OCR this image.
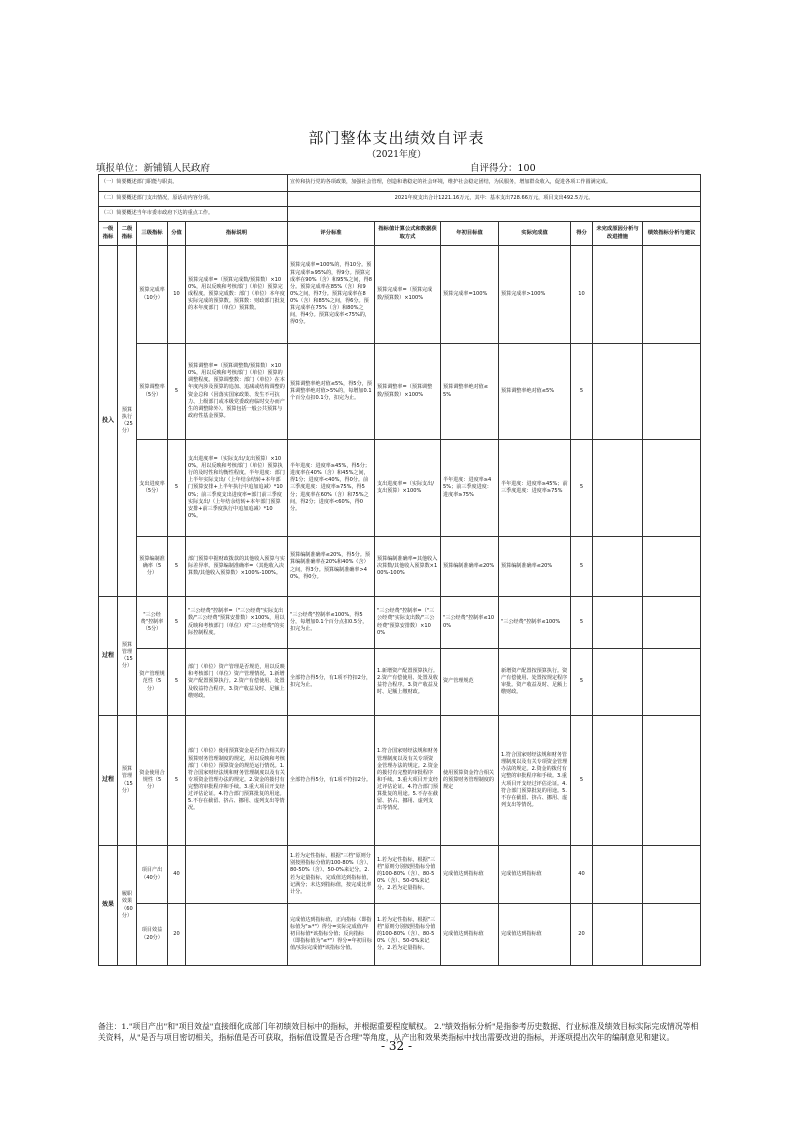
部门整体支出绩效自评表
（2021年度）
填报单位：新铺镇人民政府	自评得分：100
（一）简要概述部门职能与职责。					宣传和执行党的各项政策，加强社会管理，创造和谐稳定的社会环境，维护社会稳定团结，为民服务，增加群众收入，促进各项工作圆满完成。						
（二）简要概述部门支出情况，原话动内容分项。					2021年度支出合计1221.16万元，其中：基本支出728.66万元，项目支出492.5万元。						
（三）简要概述当年市委市政府下达的重点工作。											
一级指标	二级指标	三级指标	分值	指标说明	评分标准	指标值计算公式和数据获取方式	年初目标值	实际完成值	得分	未完成原因分析与改进措施	绩效指标分析与建议
投入	预算执行（25分）	预算完成率（10分）	10	预算完成率=（预算完成数/预算数）×100%，用以反映和考核部门（单位）预算完成程度。预算完成数：部门（单位）本年度实际完成的预算数。预算数：财政部门批复的本年度部门（单位）预算数。	预算完成率=100%的，得10分。预算完成率≥95%的，得9分。预算完成率在90%（含）和95%之间，得8分。预算完成率在85%（含）和90%之间，得7分。预算完成率在80%（含）和85%之间，得6分。预算完成率在75%（含）和80%之间，得4分。预算完成率<75%的，得0分。	预算完成率=（预算完成数/预算数）×100%	预算完成率=100%	预算完成率>100%	10		
		预算调整率（5分）	5	预算调整率=（预算调整数/预算数）×100%，用以反映和考核部门（单位）预算的调整程度。预算调整数：部门（单位）在本年度内涉及预算的追加、追减或结构调整的资金总和（因落实国家政策、发生不可抗力、上级部门或本级党委政府临时交办而产生的调整除外）。预算包括一般公共预算与政府性基金预算。	预算调整率绝对值≤5%，得5分，预算调整率绝对值>5%的，每增加0.1个百分点扣0.1分，扣完为止。	预算调整率=（预算调整数/预算数）×100%	预算调整率绝对值≤5%	预算调整率绝对值≤5%	5		
		支出进度率（5分）	5	支出进度率=（实际支出/支出预算）×100%，用以反映和考核部门（单位）预算执行的及时性和均衡性程度。半年进度：部门上半年实际支出/（上年结余结转+本年部门预算安排+上半年执行中追加追减）*100%；前三季度支出进度率=部门前三季度实际支出/（上年结余结转+本年部门预算安排+前三季度执行中追加追减）*100%。	半年进度：进度率≥45%，得5分；进度率在40%（含）和45%之间，得1分；进度率<40%，得0分。前三季度进度：进度率≥75%，得5分；进度率在60%（含）和75%之间，得2分；进度率<60%，得0分。	支出进度率=（实际支出/支出预算）×100%	半年进度：进度率≥45%；前三季度进度：进度率≥75%	半年进度：进度率≥45%；前三季度进度：进度率≥75%	5		
		预算编制准确率（5分）	5	部门预算中据财政拨款的其他收入预算与实际差异率。预算编制准确率=（其他收入决算数/其他收入预算数）×100%-100%。	预算编制准确率≤20%，得5分。预算编制准确率在20%和40%（含）之间，得3分。预算编制准确率>40%，得0分。	预算编制准确率=其他收入决算数/其他收入预算数×100%-100%	预算编制准确率≤20%	预算编制准确率≤20%	5		
过程	预算管理（15分）	"三公经费"控制率（5分）	5	"三公经费"控制率=（"三公经费"实际支出数/"三公经费"预算安排数）×100%，用以反映和考核部门（单位）对"三公经费"的实际控制程度。	"三公经费"控制率≤100%，得5分，每增加0.1个百分点扣0.5分，扣完为止。	"三公经费"控制率=（"三公经费"实际支出数/"三公经费"预算安排数）×100%	"三公经费"控制率≤100%	"三公经费"控制率≤100%	5		
		资产管理规范性（5分）	5	部门（单位）资产管理是否规范，用以反映和考核部门（单位）资产管理情况。1.新增资产配置预算执行。2.资产有偿使用、处置及收益符合程序。3.资产收益及时、足额上缴财政。	全部符合得5分，有1项不符扣2分，扣完为止。	1.新增资产配置预算执行。2.资产有偿使用、处置及收益符合程序。3.资产收益及时、足额上缴财政。	资产管理规范	新增资产配置按预算执行。资产有偿使用、处置按规定程序审批。资产收益及时、足额上缴财政。	5		
过程	预算管理（15分）	资金使用合规性（5分）	5	部门（单位）使用预算资金是否符合相关的预算财务管理制度的规定，用以反映和考核部门（单位）预算资金的规范运行情况。1.符合国家财经法规和财务管理制度以及有关专项资金管理办法的规定。2.资金的拨付有完整的审批程序和手续。3.重大项目开支经过评估论证。4.符合部门预算批复的用途。5.不存在截留、挤占、挪用、虚列支出等情况。	全部符合得5分，有1项不符扣2分。	1.符合国家财经法规和财务管理制度以及有关专项资金管理办法的规定。2.资金的拨付有完整的审批程序和手续。3.重大项目开支经过评估论证。4.符合部门预算批复的用途。5.不存在截留、挤占、挪用、虚列支出等情况。	使用预算资金符合相关的预算财务管理制度的规定	1.符合国家财经法规和财务管理制度以及有关专项资金管理办法的规定。2.资金的拨付有完整的审批程序和手续。3.重大项目开支经过评估论证。4.符合部门预算批复的用途。5.不存在截留、挤占、挪用、虚列支出等情况。	5		
效果	履职效果（60分）	项目产出（40分）	40		1.若为定性指标，根据"三档"原则分别按照指标分值的100-80%（含）、80-50%（含）、50-0%来记分。2.若为定量指标，完成值达到指标值，记满分；未达到指标值，按完成比率计分。	1.若为定性指标，根据"三档"原则分别按照指标分值的100-80%（含）、80-50%（含）、50-0%来记分。2.若为定量指标。	完成值达到指标值	完成值达到指标值	40		
		项目效益（20分）	20		完成值达到指标值，正向指标（即指标值为"≥*"）得分=实际完成值/年初目标值*该指标分值；反向指标（即指标值为"≤*"）得分=年初目标值/实际完成值*该指标分值。	1.若为定性指标，根据"三档"原则分别按照指标分值的100-80%（含）、80-50%（含）、50-0%来记分。2.若为定量指标。	完成值达到指标值	完成值达到指标值	20		
备注：1."项目产出"和"项目效益"直接细化成部门年初绩效目标中的指标，并根据重要程度赋权。 2."绩效指标分析"是指参考历史数据、行业标准及绩效目标实际完成情况等相关资料，从"是否与项目密切相关，指标值是否可获取，指标值设置是否合理"等角度，从产出和效果类指标中找出需要改进的指标，并逐项提出次年的编制意见和建议。
- 32 -
